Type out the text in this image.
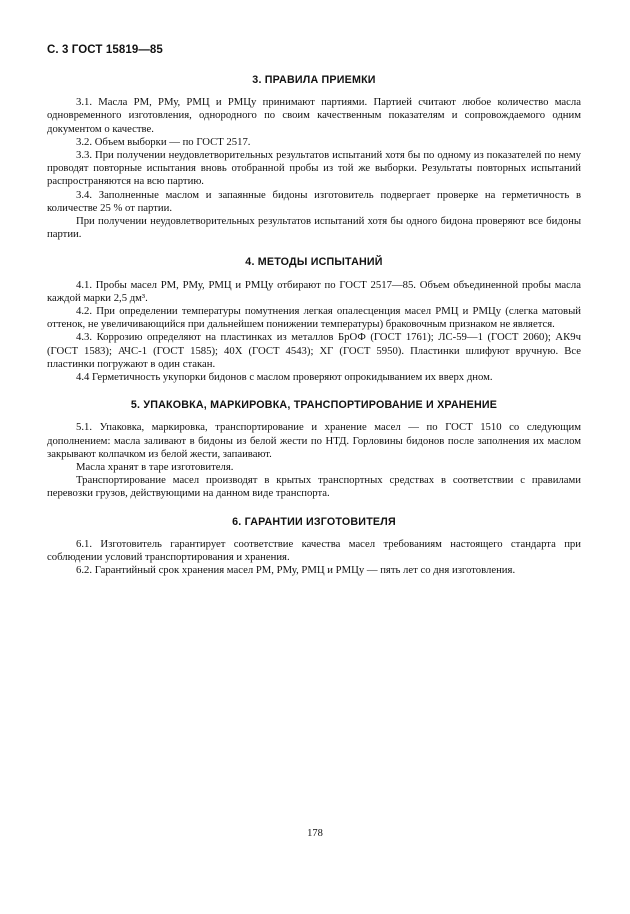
С. 3 ГОСТ 15819—85
3. ПРАВИЛА ПРИЕМКИ

3.1. Масла РМ, РМу, РМЦ и РМЦу принимают партиями. Партией считают любое количество масла одновременного изготовления, однородного по своим качественным показателям и сопровождаемого одним документом о качестве.

3.2. Объем выборки — по ГОСТ 2517.

3.3. При получении неудовлетворительных результатов испытаний хотя бы по одному из показателей по нему проводят повторные испытания вновь отобранной пробы из той же выборки. Результаты повторных испытаний распространяются на всю партию.

3.4. Заполненные маслом и запаянные бидоны изготовитель подвергает проверке на герметичность в количестве 25 % от партии.

При получении неудовлетворительных результатов испытаний хотя бы одного бидона проверяют все бидоны партии.

4. МЕТОДЫ ИСПЫТАНИЙ

4.1. Пробы масел РМ, РМу, РМЦ и РМЦу отбирают по ГОСТ 2517—85. Объем объединенной пробы масла каждой марки 2,5 дм³.

4.2. При определении температуры помутнения легкая опалесценция масел РМЦ и РМЦу (слегка матовый оттенок, не увеличивающийся при дальнейшем понижении температуры) браковочным признаком не является.

4.3. Коррозию определяют на пластинках из металлов БрОФ (ГОСТ 1761); ЛС-59—1 (ГОСТ 2060); АК9ч (ГОСТ 1583); АЧС-1 (ГОСТ 1585); 40Х (ГОСТ 4543); ХГ (ГОСТ 5950). Пластинки шлифуют вручную. Все пластинки погружают в один стакан.

4.4 Герметичность укупорки бидонов с маслом проверяют опрокидыванием их вверх дном.

5. УПАКОВКА, МАРКИРОВКА, ТРАНСПОРТИРОВАНИЕ И ХРАНЕНИЕ

5.1. Упаковка, маркировка, транспортирование и хранение масел — по ГОСТ 1510 со следующим дополнением: масла заливают в бидоны из белой жести по НТД. Горловины бидонов после заполнения их маслом закрывают колпачком из белой жести, запаивают.

Масла хранят в таре изготовителя.

Транспортирование масел производят в крытых транспортных средствах в соответствии с правилами перевозки грузов, действующими на данном виде транспорта.

6. ГАРАНТИИ ИЗГОТОВИТЕЛЯ

6.1. Изготовитель гарантирует соответствие качества масел требованиям настоящего стандарта при соблюдении условий транспортирования и хранения.

6.2. Гарантийный срок хранения масел РМ, РМу, РМЦ и РМЦу — пять лет со дня изготовления.

178
